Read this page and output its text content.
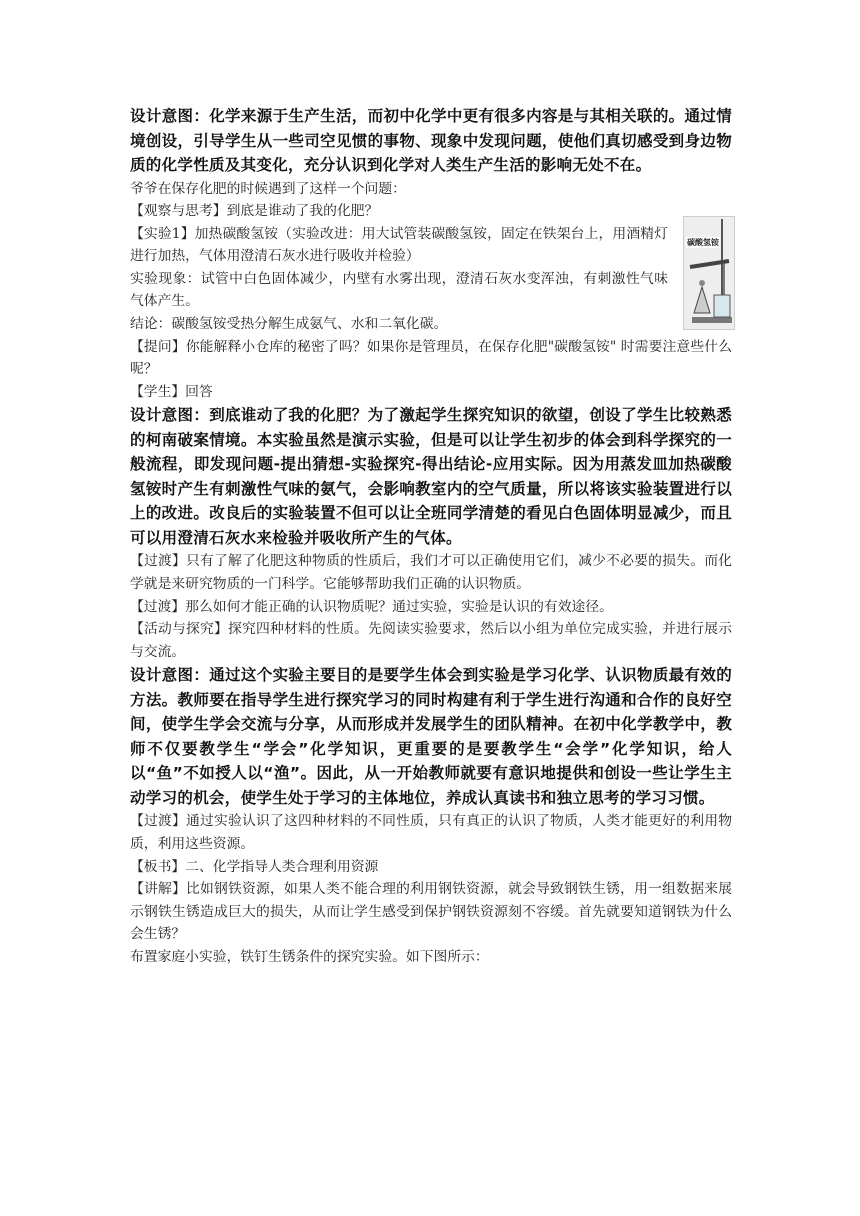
设计意图：化学来源于生产生活，而初中化学中更有很多内容是与其相关联的。通过情境创设，引导学生从一些司空见惯的事物、现象中发现问题，使他们真切感受到身边物质的化学性质及其变化，充分认识到化学对人类生产生活的影响无处不在。

爷爷在保存化肥的时候遇到了这样一个问题：

【观察与思考】到底是谁动了我的化肥？

【实验1】加热碳酸氢铵（实验改进：用大试管装碳酸氢铵，固定在铁架台上，用酒精灯进行加热，气体用澄清石灰水进行吸收并检验）

实验现象：试管中白色固体减少，内壁有水雾出现，澄清石灰水变浑浊，有刺激性气味气体产生。

结论：碳酸氢铵受热分解生成氨气、水和二氧化碳。

【提问】你能解释小仓库的秘密了吗？如果你是管理员，在保存化肥"碳酸氢铵" 时需要注意些什么呢？

【学生】回答

设计意图：到底谁动了我的化肥？为了激起学生探究知识的欲望，创设了学生比较熟悉的柯南破案情境。本实验虽然是演示实验，但是可以让学生初步的体会到科学探究的一般流程，即发现问题-提出猜想-实验探究-得出结论-应用实际。因为用蒸发皿加热碳酸氢铵时产生有刺激性气味的氨气，会影响教室内的空气质量，所以将该实验装置进行以上的改进。改良后的实验装置不但可以让全班同学清楚的看见白色固体明显减少，而且可以用澄清石灰水来检验并吸收所产生的气体。

【过渡】只有了解了化肥这种物质的性质后，我们才可以正确使用它们，减少不必要的损失。而化学就是来研究物质的一门科学。它能够帮助我们正确的认识物质。

【过渡】那么如何才能正确的认识物质呢？通过实验，实验是认识的有效途径。

【活动与探究】探究四种材料的性质。先阅读实验要求，然后以小组为单位完成实验，并进行展示与交流。

设计意图：通过这个实验主要目的是要学生体会到实验是学习化学、认识物质最有效的方法。教师要在指导学生进行探究学习的同时构建有利于学生进行沟通和合作的良好空间，使学生学会交流与分享，从而形成并发展学生的团队精神。在初中化学教学中，教师不仅要教学生“学会”化学知识，更重要的是要教学生“会学”化学知识，给人以“鱼”不如授人以“渔”。因此，从一开始教师就要有意识地提供和创设一些让学生主动学习的机会，使学生处于学习的主体地位，养成认真读书和独立思考的学习习惯。

【过渡】通过实验认识了这四种材料的不同性质，只有真正的认识了物质，人类才能更好的利用物质，利用这些资源。

【板书】二、化学指导人类合理利用资源

【讲解】比如钢铁资源，如果人类不能合理的利用钢铁资源，就会导致钢铁生锈，用一组数据来展示钢铁生锈造成巨大的损失，从而让学生感受到保护钢铁资源刻不容缓。首先就要知道钢铁为什么会生锈？

布置家庭小实验，铁钉生锈条件的探究实验。如下图所示：

碳酸氢铵
